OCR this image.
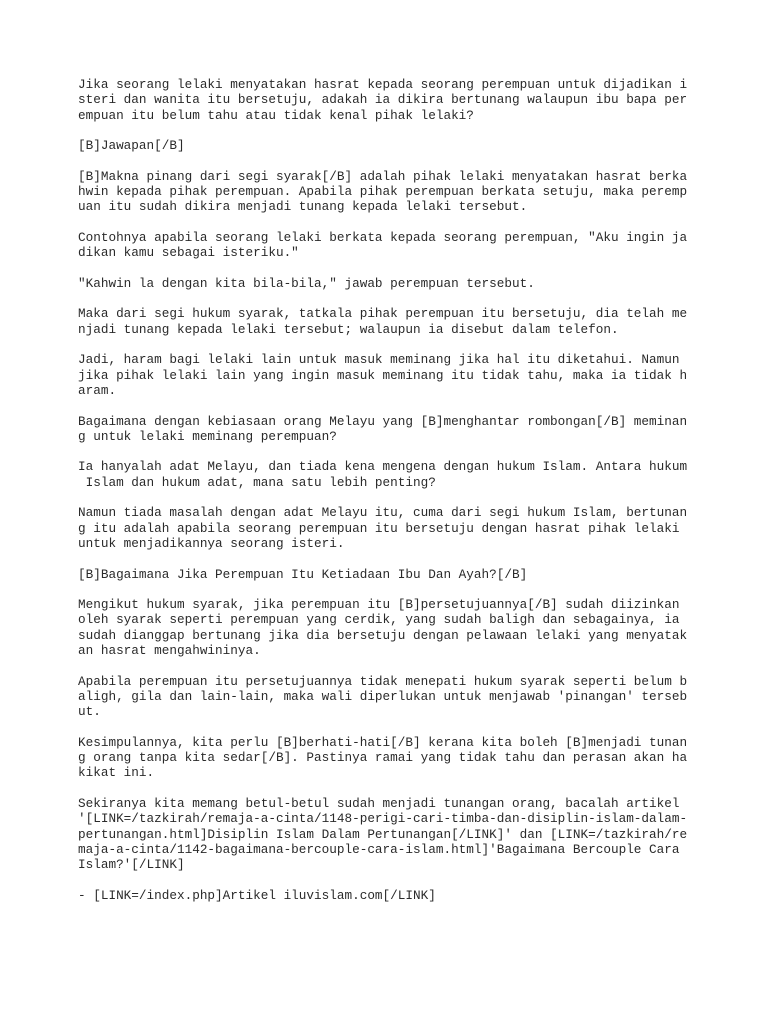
Jika seorang lelaki menyatakan hasrat kepada seorang perempuan untuk dijadikan i

steri dan wanita itu bersetuju, adakah ia dikira bertunang walaupun ibu bapa per

empuan itu belum tahu atau tidak kenal pihak lelaki?

[B]Jawapan[/B]

[B]Makna pinang dari segi syarak[/B] adalah pihak lelaki menyatakan hasrat berka

hwin kepada pihak perempuan. Apabila pihak perempuan berkata setuju, maka peremp

uan itu sudah dikira menjadi tunang kepada lelaki tersebut.

Contohnya apabila seorang lelaki berkata kepada seorang perempuan, "Aku ingin ja

dikan kamu sebagai isteriku."

"Kahwin la dengan kita bila-bila," jawab perempuan tersebut.

Maka dari segi hukum syarak, tatkala pihak perempuan itu bersetuju, dia telah me

njadi tunang kepada lelaki tersebut; walaupun ia disebut dalam telefon.

Jadi, haram bagi lelaki lain untuk masuk meminang jika hal itu diketahui. Namun

jika pihak lelaki lain yang ingin masuk meminang itu tidak tahu, maka ia tidak h

aram.

Bagaimana dengan kebiasaan orang Melayu yang [B]menghantar rombongan[/B] meminan

g untuk lelaki meminang perempuan?

Ia hanyalah adat Melayu, dan tiada kena mengena dengan hukum Islam. Antara hukum

Islam dan hukum adat, mana satu lebih penting?

Namun tiada masalah dengan adat Melayu itu, cuma dari segi hukum Islam, bertunan

g itu adalah apabila seorang perempuan itu bersetuju dengan hasrat pihak lelaki

untuk menjadikannya seorang isteri.

[B]Bagaimana Jika Perempuan Itu Ketiadaan Ibu Dan Ayah?[/B]

Mengikut hukum syarak, jika perempuan itu [B]persetujuannya[/B] sudah diizinkan

oleh syarak seperti perempuan yang cerdik, yang sudah baligh dan sebagainya, ia

sudah dianggap bertunang jika dia bersetuju dengan pelawaan lelaki yang menyatak

an hasrat mengahwininya.

Apabila perempuan itu persetujuannya tidak menepati hukum syarak seperti belum b

aligh, gila dan lain-lain, maka wali diperlukan untuk menjawab 'pinangan' terseb

ut.

Kesimpulannya, kita perlu [B]berhati-hati[/B] kerana kita boleh [B]menjadi tunan

g orang tanpa kita sedar[/B]. Pastinya ramai yang tidak tahu dan perasan akan ha

kikat ini.

Sekiranya kita memang betul-betul sudah menjadi tunangan orang, bacalah artikel

'[LINK=/tazkirah/remaja-a-cinta/1148-perigi-cari-timba-dan-disiplin-islam-dalam-

pertunangan.html]Disiplin Islam Dalam Pertunangan[/LINK]' dan [LINK=/tazkirah/re

maja-a-cinta/1142-bagaimana-bercouple-cara-islam.html]'Bagaimana Bercouple Cara

Islam?'[/LINK]

- [LINK=/index.php]Artikel iluvislam.com[/LINK]
